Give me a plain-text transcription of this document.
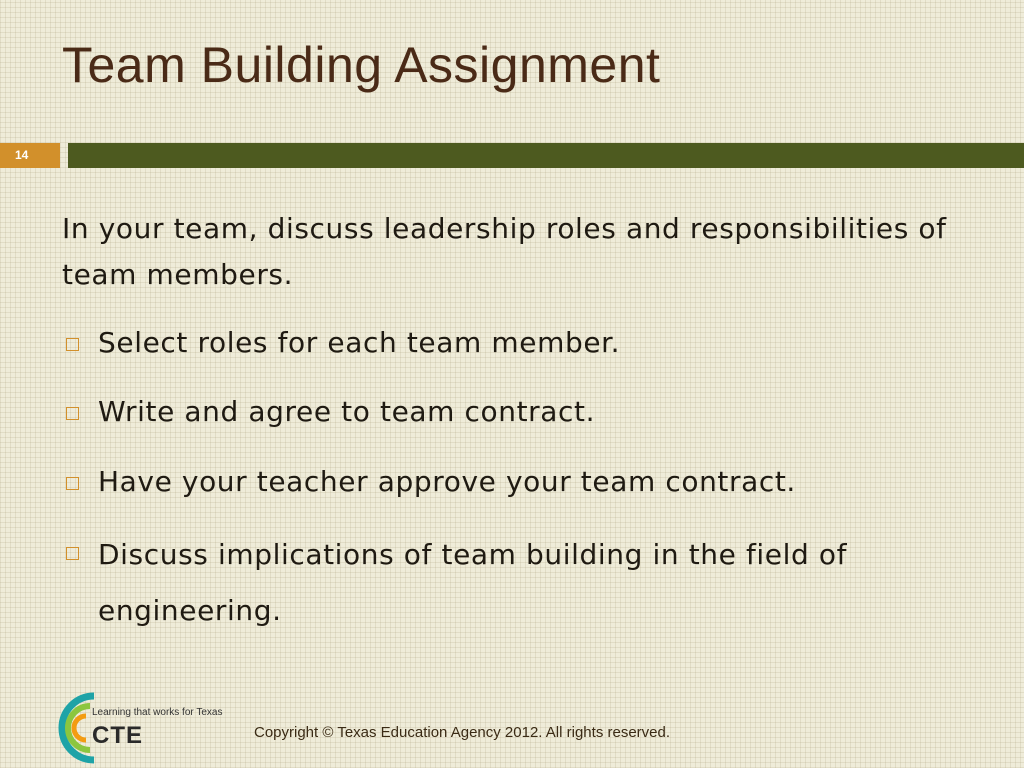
Team Building Assignment
14

In your team, discuss leadership roles and responsibilities of team members.

Select roles for each team member.

Write and agree to team contract.

Have your teacher approve your team contract.

Discuss implications of team building in the field of engineering.

Learning that works for Texas
CTE	Copyright © Texas Education Agency 2012. All rights reserved.
